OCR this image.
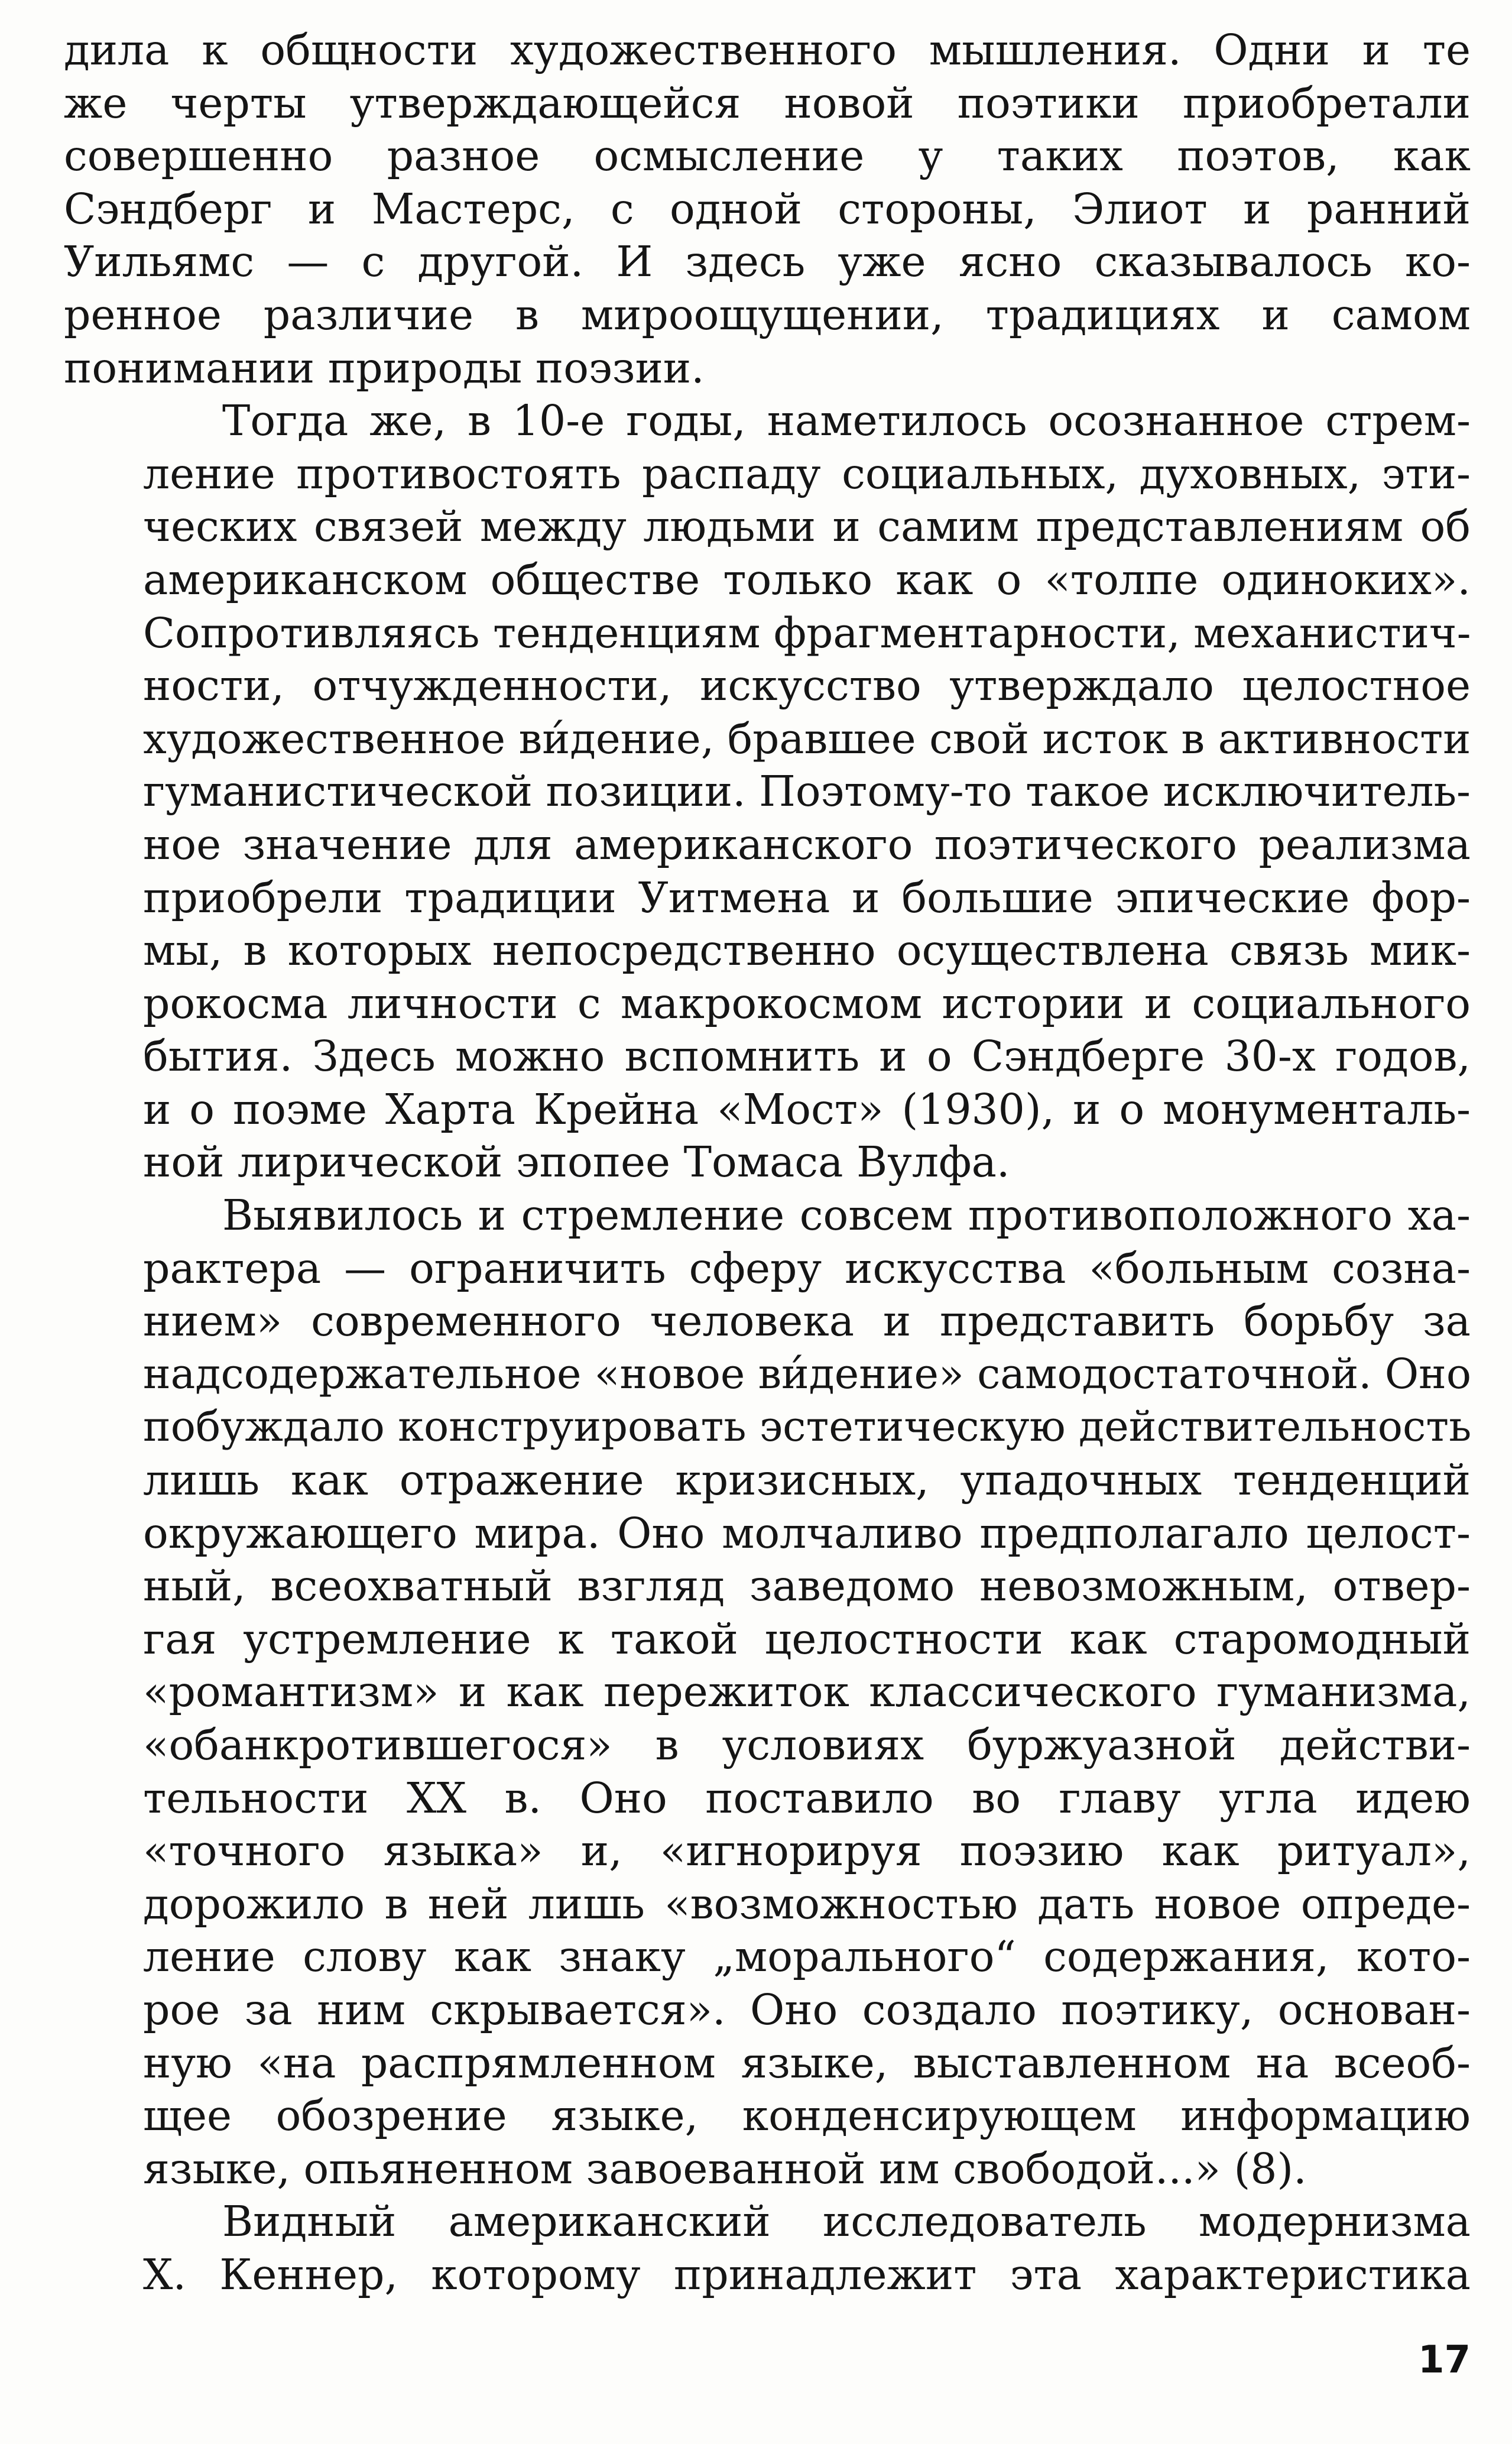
дила к общности художественного мышления. Одни и те
же черты утверждающейся новой поэтики приобретали
совершенно разное осмысление у таких поэтов, как
Сэндберг и Мастерс, с одной стороны, Элиот и ранний
Уильямс — с другой. И здесь уже ясно сказывалось ко-
ренное различие в мироощущении, традициях и самом
понимании природы поэзии.
Тогда же, в 10-е годы, наметилось осознанное стрем-
ление противостоять распаду социальных, духовных, эти-
ческих связей между людьми и самим представлениям об
американском обществе только как о «толпе одиноких».
Сопротивляясь тенденциям фрагментарности, механистич-
ности, отчужденности, искусство утверждало целостное
художественное ви́дение, бравшее свой исток в активности
гуманистической позиции. Поэтому-то такое исключитель-
ное значение для американского поэтического реализма
приобрели традиции Уитмена и большие эпические фор-
мы, в которых непосредственно осуществлена связь мик-
рокосма личности с макрокосмом истории и социального
бытия. Здесь можно вспомнить и о Сэндберге 30-х годов,
и о поэме Харта Крейна «Мост» (1930), и о монументаль-
ной лирической эпопее Томаса Вулфа.
Выявилось и стремление совсем противоположного ха-
рактера — ограничить сферу искусства «больным созна-
нием» современного человека и представить борьбу за
надсодержательное «новое ви́дение» самодостаточной. Оно
побуждало конструировать эстетическую действительность
лишь как отражение кризисных, упадочных тенденций
окружающего мира. Оно молчаливо предполагало целост-
ный, всеохватный взгляд заведомо невозможным, отвер-
гая устремление к такой целостности как старомодный
«романтизм» и как пережиток классического гуманизма,
«обанкротившегося» в условиях буржуазной действи-
тельности XX в. Оно поставило во главу угла идею
«точного языка» и, «игнорируя поэзию как ритуал»,
дорожило в ней лишь «возможностью дать новое опреде-
ление слову как знаку „морального“ содержания, кото-
рое за ним скрывается». Оно создало поэтику, основан-
ную «на распрямленном языке, выставленном на всеоб-
щее обозрение языке, конденсирующем информацию
языке, опьяненном завоеванной им свободой...» (8).
Видный американский исследователь модернизма
Х. Кеннер, которому принадлежит эта характеристика
17
